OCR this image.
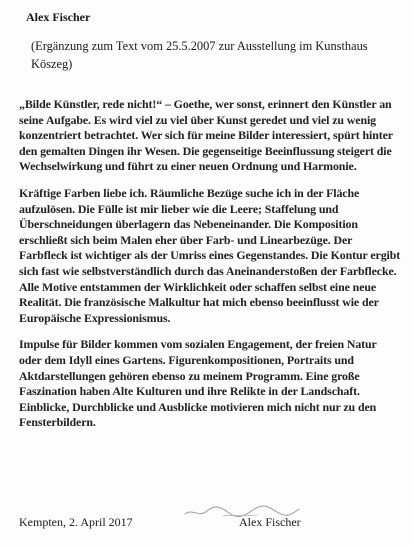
Alex Fischer
(Ergänzung zum Text vom 25.5.2007 zur Ausstellung im Kunsthaus Köszeg)

„Bilde Künstler, rede nicht!“ – Goethe, wer sonst, erinnert den Künstler an seine Aufgabe. Es wird viel zu viel über Kunst geredet und viel zu wenig konzentriert betrachtet. Wer sich für meine Bilder interessiert, spürt hinter den gemalten Dingen ihr Wesen. Die gegenseitige Beeinflussung steigert die Wechselwirkung und führt zu einer neuen Ordnung und Harmonie.

Kräftige Farben liebe ich. Räumliche Bezüge suche ich in der Fläche aufzulösen. Die Fülle ist mir lieber wie die Leere; Staffelung und Überschneidungen überlagern das Nebeneinander. Die Komposition erschließt sich beim Malen eher über Farb- und Linearbezüge. Der Farbfleck ist wichtiger als der Umriss eines Gegenstandes. Die Kontur ergibt sich fast wie selbstverständlich durch das Aneinanderstoßen der Farbflecke. Alle Motive entstammen der Wirklichkeit oder schaffen selbst eine neue Realität. Die französische Malkultur hat mich ebenso beeinflusst wie der Europäische Expressionismus.

Impulse für Bilder kommen vom sozialen Engagement, der freien Natur oder dem Idyll eines Gartens. Figurenkompositionen, Portraits und Aktdarstellungen gehören ebenso zu meinem Programm. Eine große Faszination haben Alte Kulturen und ihre Relikte in der Landschaft. Einblicke, Durchblicke und Ausblicke motivieren mich nicht nur zu den Fensterbildern.

Kempten, 2. April 2017	Alex Fischer
